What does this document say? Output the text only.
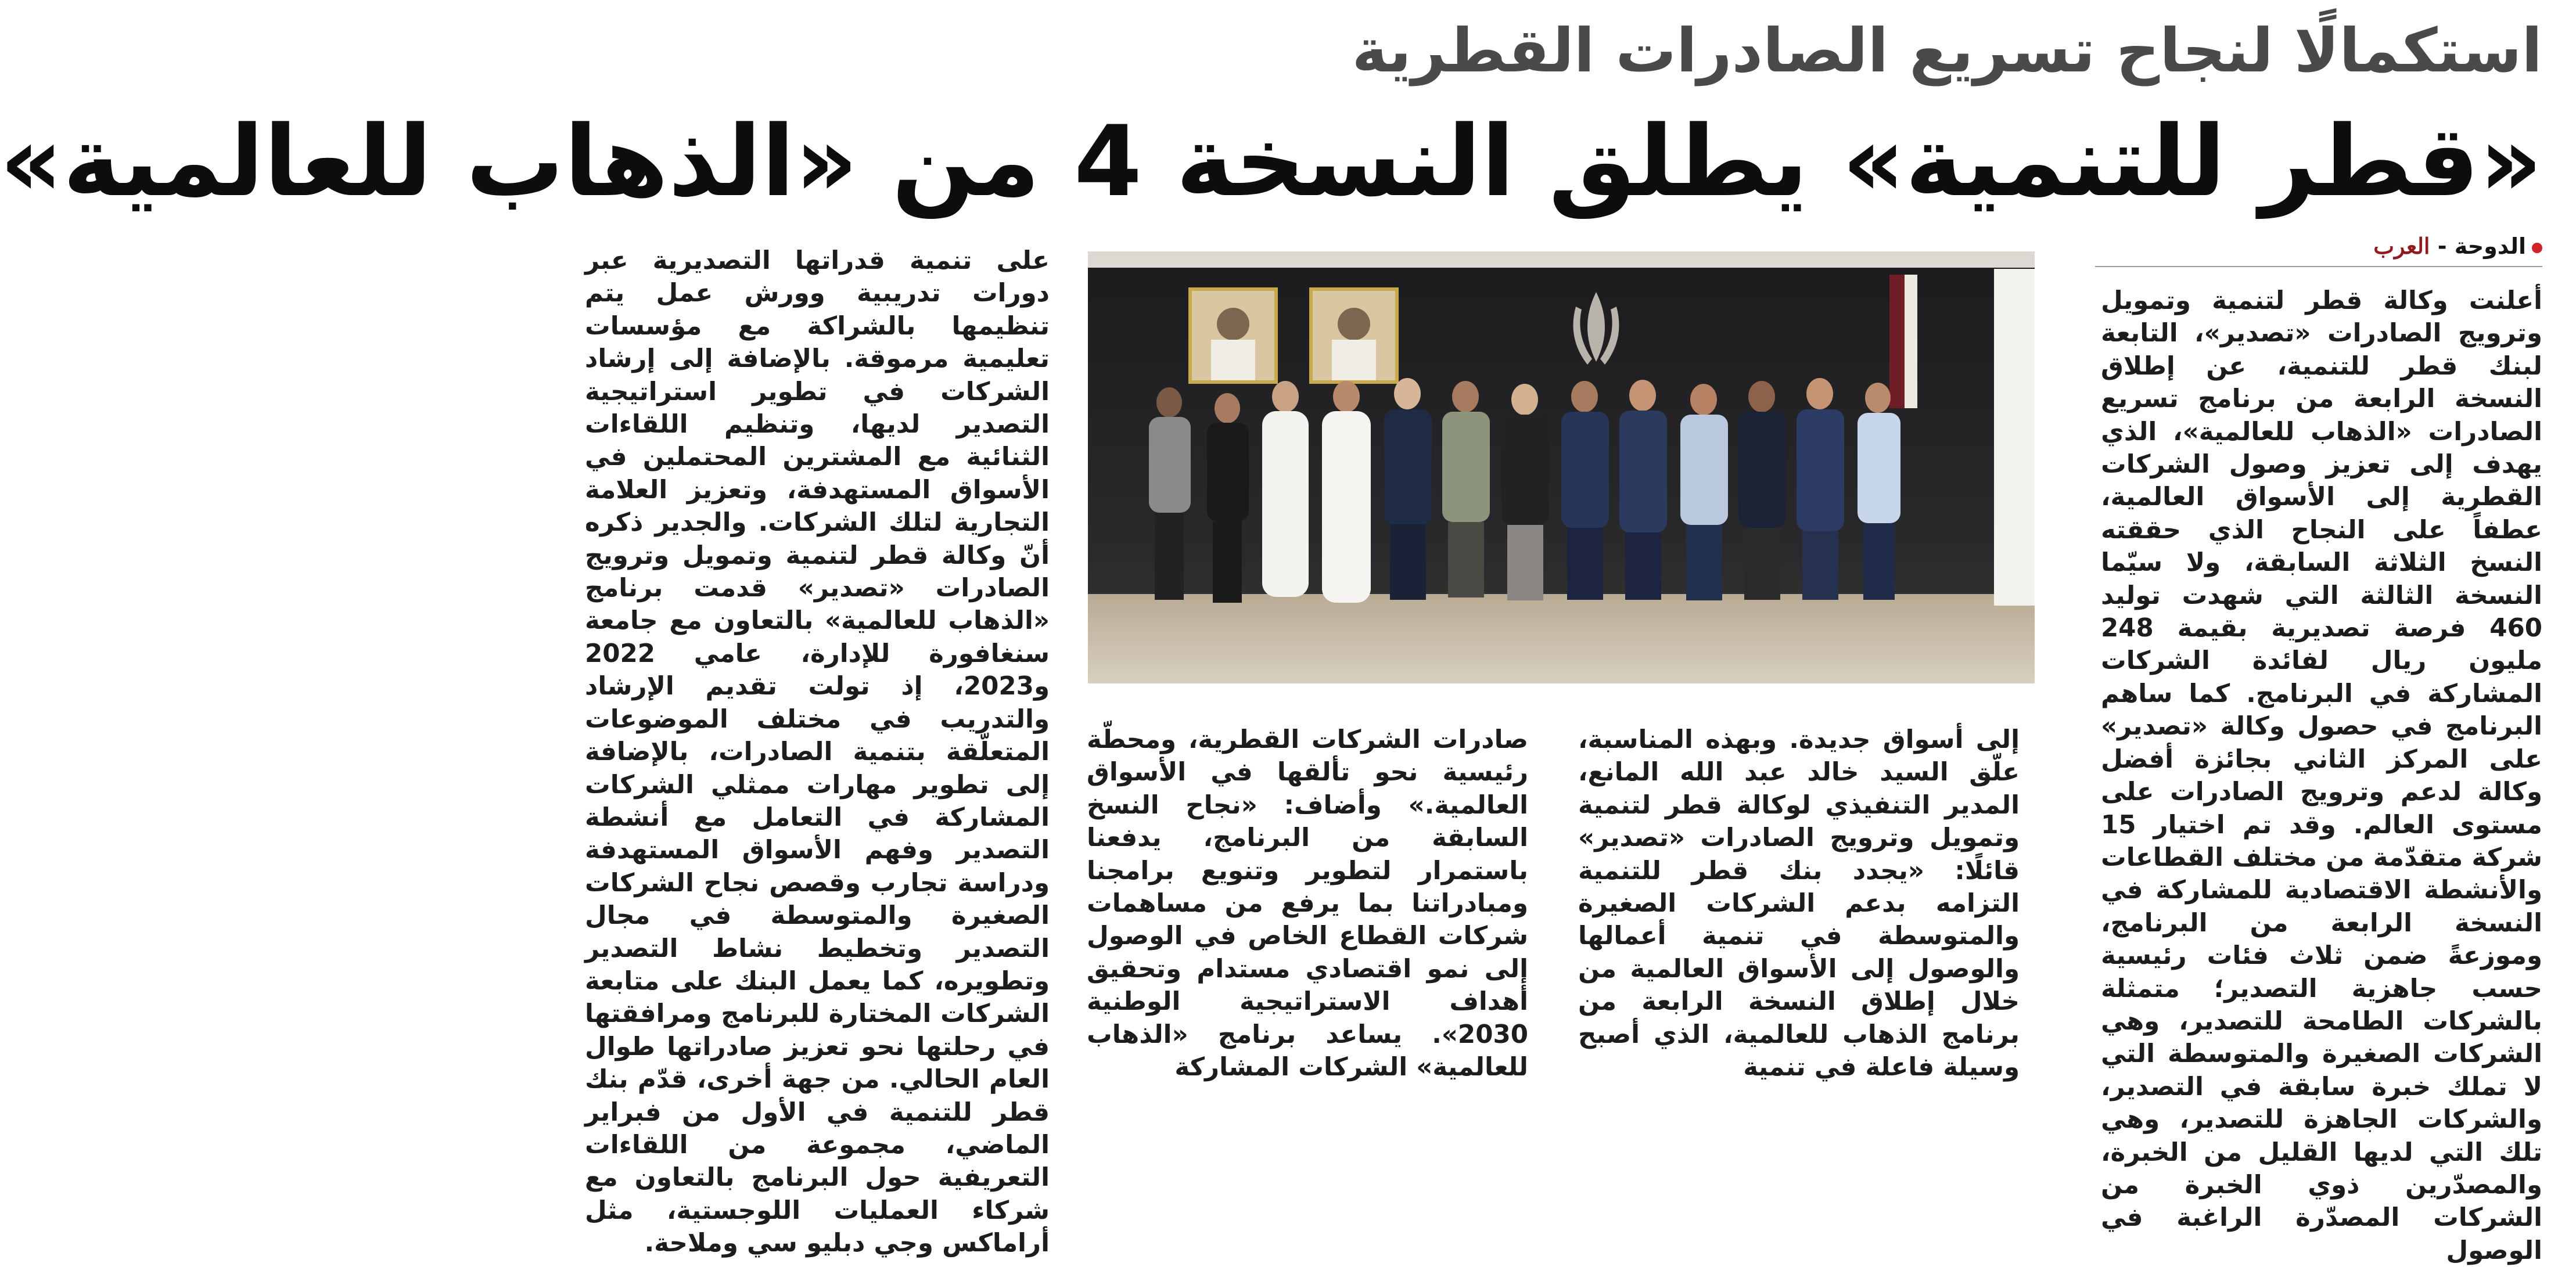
استكمالًا لنجاح تسريع الصادرات القطرية
«قطر للتنمية» يطلق النسخة 4 من «الذهاب للعالمية»
الدوحة - العرب

أعلنت وكالة قطر لتنمية وتمويل وترويج الصادرات «تصدير»، التابعة لبنك قطر للتنمية، عن إطلاق النسخة الرابعة من برنامج تسريع الصادرات «الذهاب للعالمية»، الذي يهدف إلى تعزيز وصول الشركات القطرية إلى الأسواق العالمية، عطفاً على النجاح الذي حققته النسخ الثلاثة السابقة، ولا سيّما النسخة الثالثة التي شهدت توليد 460 فرصة تصديرية بقيمة 248 مليون ريال لفائدة الشركات المشاركة في البرنامج. كما ساهم البرنامج في حصول وكالة «تصدير» على المركز الثاني بجائزة أفضل وكالة لدعم وترويج الصادرات على مستوى العالم. وقد تم اختيار 15 شركة متقدّمة من مختلف القطاعات والأنشطة الاقتصادية للمشاركة في النسخة الرابعة من البرنامج، وموزعةً ضمن ثلاث فئات رئيسية حسب جاهزية التصدير؛ متمثلة بالشركات الطامحة للتصدير، وهي الشركات الصغيرة والمتوسطة التي لا تملك خبرة سابقة في التصدير، والشركات الجاهزة للتصدير، وهي تلك التي لديها القليل من الخبرة، والمصدّرين ذوي الخبرة من الشركات المصدّرة الراغبة في الوصول

إلى أسواق جديدة. وبهذه المناسبة، علّق السيد خالد عبد الله المانع، المدير التنفيذي لوكالة قطر لتنمية وتمويل وترويج الصادرات «تصدير» قائلًا: «يجدد بنك قطر للتنمية التزامه بدعم الشركات الصغيرة والمتوسطة في تنمية أعمالها والوصول إلى الأسواق العالمية من خلال إطلاق النسخة الرابعة من برنامج الذهاب للعالمية، الذي أصبح وسيلة فاعلة في تنمية

صادرات الشركات القطرية، ومحطّة رئيسية نحو تألقها في الأسواق العالمية.» وأضاف: «نجاح النسخ السابقة من البرنامج، يدفعنا باستمرار لتطوير وتنويع برامجنا ومبادراتنا بما يرفع من مساهمات شركات القطاع الخاص في الوصول إلى نمو اقتصادي مستدام وتحقيق أهداف الاستراتيجية الوطنية 2030». يساعد برنامج «الذهاب للعالمية» الشركات المشاركة

على تنمية قدراتها التصديرية عبر دورات تدريبية وورش عمل يتم تنظيمها بالشراكة مع مؤسسات تعليمية مرموقة. بالإضافة إلى إرشاد الشركات في تطوير استراتيجية التصدير لديها، وتنظيم اللقاءات الثنائية مع المشترين المحتملين في الأسواق المستهدفة، وتعزيز العلامة التجارية لتلك الشركات. والجدير ذكره أنّ وكالة قطر لتنمية وتمويل وترويج الصادرات «تصدير» قدمت برنامج «الذهاب للعالمية» بالتعاون مع جامعة سنغافورة للإدارة، عامي 2022 و2023، إذ تولت تقديم الإرشاد والتدريب في مختلف الموضوعات المتعلّقة بتنمية الصادرات، بالإضافة إلى تطوير مهارات ممثلي الشركات المشاركة في التعامل مع أنشطة التصدير وفهم الأسواق المستهدفة ودراسة تجارب وقصص نجاح الشركات الصغيرة والمتوسطة في مجال التصدير وتخطيط نشاط التصدير وتطويره، كما يعمل البنك على متابعة الشركات المختارة للبرنامج ومرافقتها في رحلتها نحو تعزيز صادراتها طوال العام الحالي. من جهة أخرى، قدّم بنك قطر للتنمية في الأول من فبراير الماضي، مجموعة من اللقاءات التعريفية حول البرنامج بالتعاون مع شركاء العمليات اللوجستية، مثل أراماكس وجي دبليو سي وملاحة.
